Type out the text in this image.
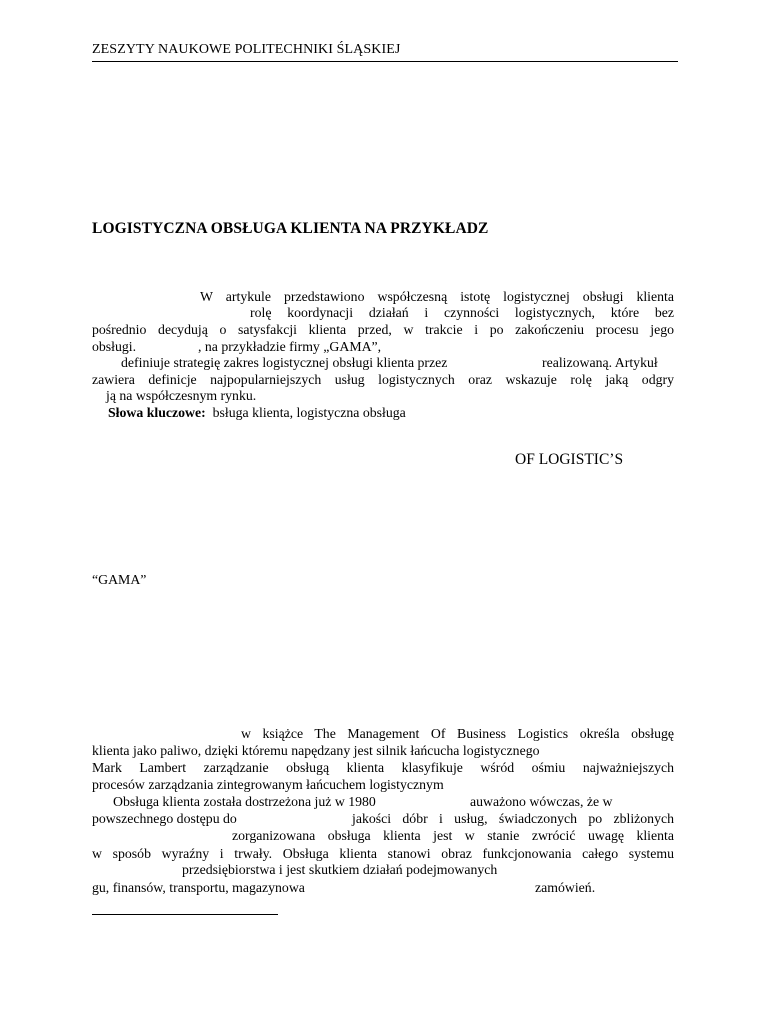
ZESZYTY NAUKOWE POLITECHNIKI ŚLĄSKIEJ
LOGISTYCZNA OBSŁUGA KLIENTA NA PRZYKŁADZ
W artykule przedstawiono współczesną istotę logistycznej obsługi klienta
rolę koordynacji działań i czynności logistycznych, które bez
pośrednio decydują o satysfakcji klienta przed, w trakcie i po zakończeniu procesu jego
obsługi.	, na przykładzie firmy „GAMA”,
definiuje strategię zakres logistycznej obsługi klienta przez	realizowaną. Artykuł
zawiera definicje najpopularniejszych usług logistycznych oraz wskazuje rolę jaką odgry
ją na współczesnym rynku.
Słowa kluczowe: bsługa klienta, logistyczna obsługa
OF LOGISTIC’S
“GAMA”
w książce The Management Of Business Logistics określa obsługę
klienta jako paliwo, dzięki któremu napędzany jest silnik łańcucha logistycznego
Mark Lambert zarządzanie obsługą klienta klasyfikuje wśród ośmiu najważniejszych
procesów zarządzania zintegrowanym łańcuchem logistycznym
Obsługa klienta została dostrzeżona już w 1980	auważono wówczas, że w
powszechnego dostępu do	jakości dóbr i usług, świadczonych po zbliżonych
zorganizowana obsługa klienta jest w stanie zwrócić uwagę klienta
w sposób wyraźny i trwały. Obsługa klienta stanowi obraz funkcjonowania całego systemu
przedsiębiorstwa i jest skutkiem działań podejmowanych
gu, finansów, transportu, magazynowa	zamówień.
